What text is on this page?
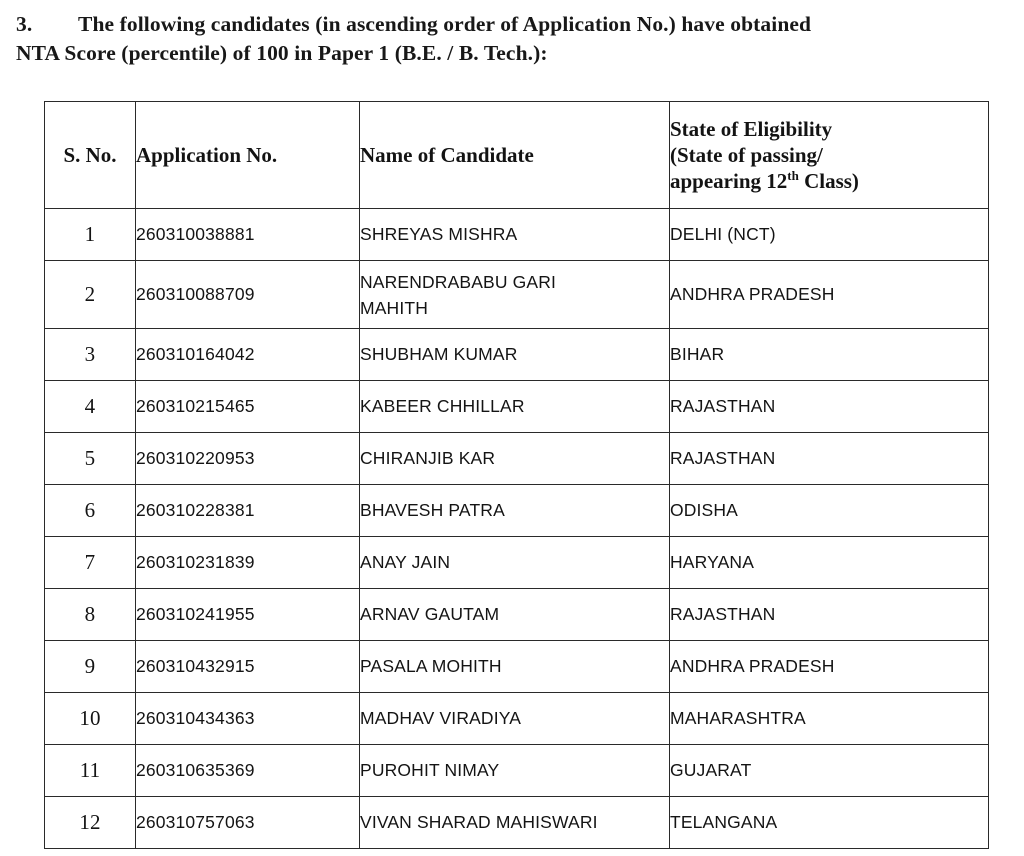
3. The following candidates (in ascending order of Application No.) have obtained
NTA Score (percentile) of 100 in Paper 1 (B.E. / B. Tech.):
S. No.	Application No.	Name of Candidate	State of Eligibility
(State of passing/
appearing 12th Class)

1	260310038881	SHREYAS MISHRA	DELHI (NCT)
2	260310088709	NARENDRABABU GARI
MAHITH	ANDHRA PRADESH
3	260310164042	SHUBHAM KUMAR	BIHAR
4	260310215465	KABEER CHHILLAR	RAJASTHAN
5	260310220953	CHIRANJIB KAR	RAJASTHAN
6	260310228381	BHAVESH PATRA	ODISHA
7	260310231839	ANAY JAIN	HARYANA
8	260310241955	ARNAV GAUTAM	RAJASTHAN
9	260310432915	PASALA MOHITH	ANDHRA PRADESH
10	260310434363	MADHAV VIRADIYA	MAHARASHTRA
11	260310635369	PUROHIT NIMAY	GUJARAT
12	260310757063	VIVAN SHARAD MAHISWARI	TELANGANA
